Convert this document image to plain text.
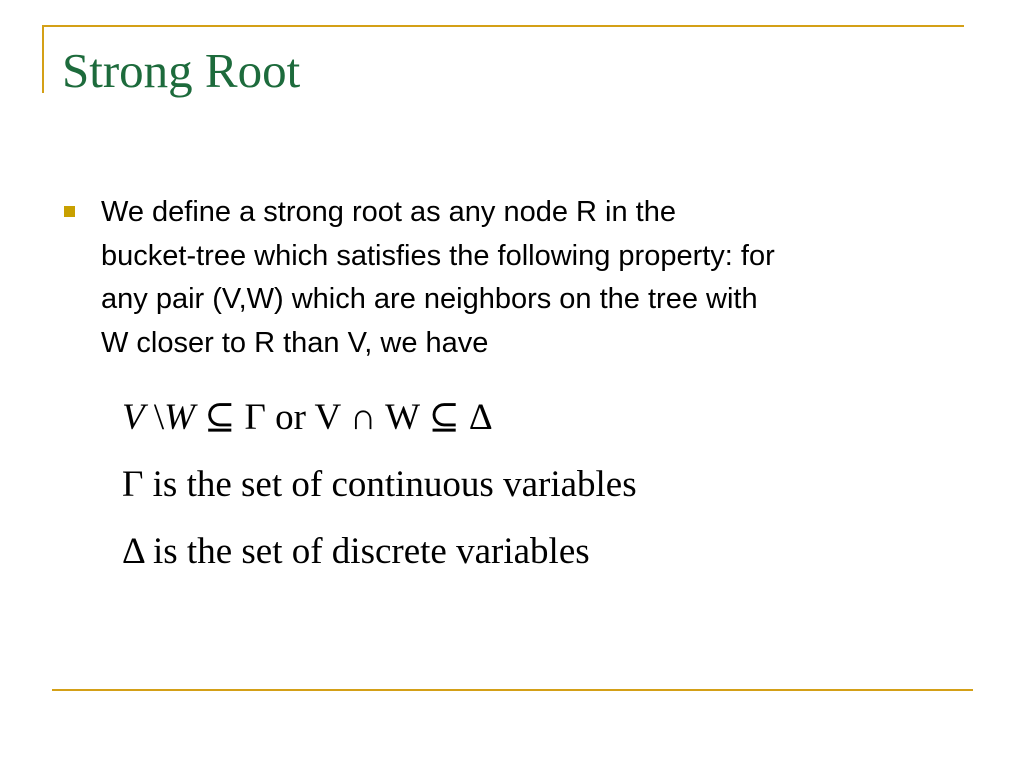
Strong Root

We define a strong root as any node R in the
bucket-tree which satisfies the following property: for
any pair (V,W) which are neighbors on the tree with
W closer to R than V, we have

V \W ⊆ Γ or V ∩ W ⊆ Δ
Γ is the set of continuous variables
Δ is the set of discrete variables
